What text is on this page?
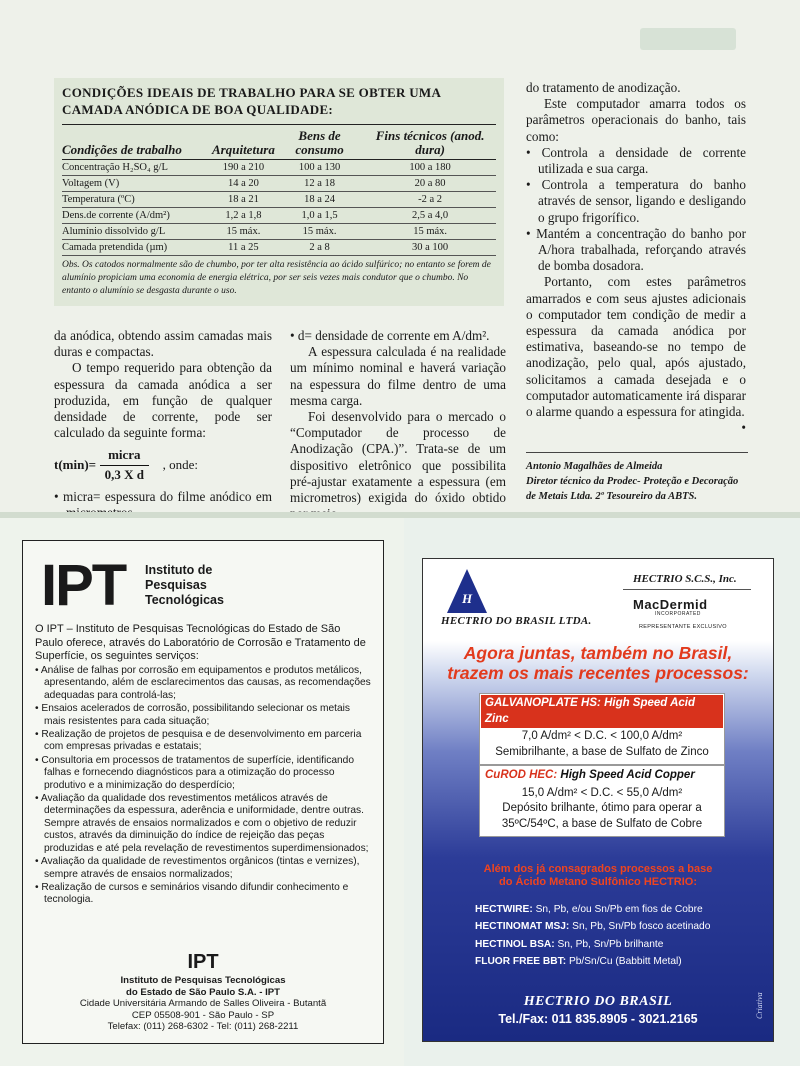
CONDIÇÕES IDEAIS DE TRABALHO PARA SE OBTER UMA CAMADA ANÓDICA DE BOA QUALIDADE:
Condições de trabalho	Arquitetura	Bens de consumo	Fins técnicos (anod. dura)
Concentração H₂SO₄ g/L	190 a 210	100 a 130	100 a 180
Voltagem (V)	14 a 20	12 a 18	20 a 80
Temperatura (ºC)	18 a 21	18 a 24	-2 a 2
Dens.de corrente (A/dm²)	1,2 a 1,8	1,0 a 1,5	2,5 a 4,0
Alumínio dissolvido g/L	15 máx.	15 máx.	15 máx.
Camada pretendida (µm)	11 a 25	2 a 8	30 a 100
Obs. Os catodos normalmente são de chumbo, por ter alta resistência ao ácido sulfúrico; no entanto se forem de alumínio propiciam uma economia de energia elétrica, por ser seis vezes mais condutor que o chumbo. No entanto o alumínio se desgasta durante o uso.

da anódica, obtendo assim camadas mais duras e compactas.

O tempo requerido para obtenção da espessura da camada anódica a ser produzida, em função de qualquer densidade de corrente, pode ser calculado da seguinte forma:

$t(\min)= \frac{\text{micra}}{\text{0,3 X d}}$ , onde:

• micra= espessura do filme anódico em

• d= densidade de corrente em A/dm².

A espessura calculada é na realidade um mínimo nominal e haverá variação na espessura do filme dentro de uma mesma carga.

Foi desenvolvido para o mercado o “Computador de processo de Anodização (CPA.)”. Trata-se de um dispositivo eletrônico que possibilita pré-ajustar exatamente a espessura (em micrometros) exigida do óxido obtido

do tratamento de anodização.

Este computador amarra todos os parâmetros operacionais do banho, tais como:

• Controla a densidade de corrente utilizada e sua carga.

• Controla a temperatura do banho através de sensor, ligando e desligando o grupo frigorífico.

• Mantém a concentração do banho por A/hora trabalhada, reforçando através de bomba dosadora.

Portanto, com estes parâmetros amarrados e com seus ajustes adicionais o computador tem condição de medir a espessura da camada anódica por estimativa, baseando-se no tempo de anodização, pelo qual, após ajustado, solicitamos a camada desejada e o computador automaticamente irá disparar o alarme quando a espessura for atingida.
•

Antonio Magalhães de Almeida
Diretor técnico da Prodec- Proteção e Decoração de Metais Ltda. 2º Tesoureiro da ABTS.
IPT Instituto de
Pesquisas
Tecnológicas
O IPT – Instituto de Pesquisas Tecnológicas do Estado de São Paulo oferece, através do Laboratório de Corrosão e Tratamento de Superfície, os seguintes serviços:
• Análise de falhas por corrosão em equipamentos e produtos metálicos, apresentando, além de esclarecimentos das causas, as recomendações adequadas para controlá-las;
• Ensaios acelerados de corrosão, possibilitando selecionar os metais mais resistentes para cada situação;
• Realização de projetos de pesquisa e de desenvolvimento em parceria com empresas privadas e estatais;
• Consultoria em processos de tratamentos de superfície, identificando falhas e fornecendo diagnósticos para a otimização do processo produtivo e a minimização do desperdício;
• Avaliação da qualidade dos revestimentos metálicos através de determinações da espessura, aderência e uniformidade, dentre outras. Sempre através de ensaios normalizados e com o objetivo de reduzir custos, através da diminuição do índice de rejeição das peças produzidas e até pela revelação de revestimentos superdimensionados;
• Avaliação da qualidade de revestimentos orgânicos (tintas e vernizes), sempre através de ensaios normalizados;
• Realização de cursos e seminários visando difundir conhecimento e tecnologia.
IPT
Instituto de Pesquisas Tecnológicas
do Estado de São Paulo S.A. - IPT
Cidade Universitária Armando de Salles Oliveira - Butantã
CEP 05508-901 - São Paulo - SP
Telefax: (011) 268-6302 - Tel: (011) 268-2211
H
HECTRIO DO BRASIL LTDA.
HECTRIO S.C.S., Inc.
MacDermid
INCORPORATED
REPRESENTANTE EXCLUSIVO
Agora juntas, também no Brasil,
trazem os mais recentes processos:
GALVANOPLATE HS: High Speed Acid Zinc
7,0 A/dm² < D.C. < 100,0 A/dm²
Semibrilhante, a base de Sulfato de Zinco
CuROD HEC: High Speed Acid Copper
15,0 A/dm² < D.C. < 55,0 A/dm²
Depósito brilhante, ótimo para operar a
35ºC/54ºC, a base de Sulfato de Cobre
Além dos já consagrados processos a base
do Ácido Metano Sulfônico HECTRIO:
HECTWIRE: Sn, Pb, e/ou Sn/Pb em fios de Cobre
HECTINOMAT MSJ: Sn, Pb, Sn/Pb fosco acetinado
HECTINOL BSA: Sn, Pb, Sn/Pb brilhante
FLUOR FREE BBT: Pb/Sn/Cu (Babbitt Metal)
HECTRIO DO BRASIL
Tel./Fax: 011 835.8905 - 3021.2165	Criativa
